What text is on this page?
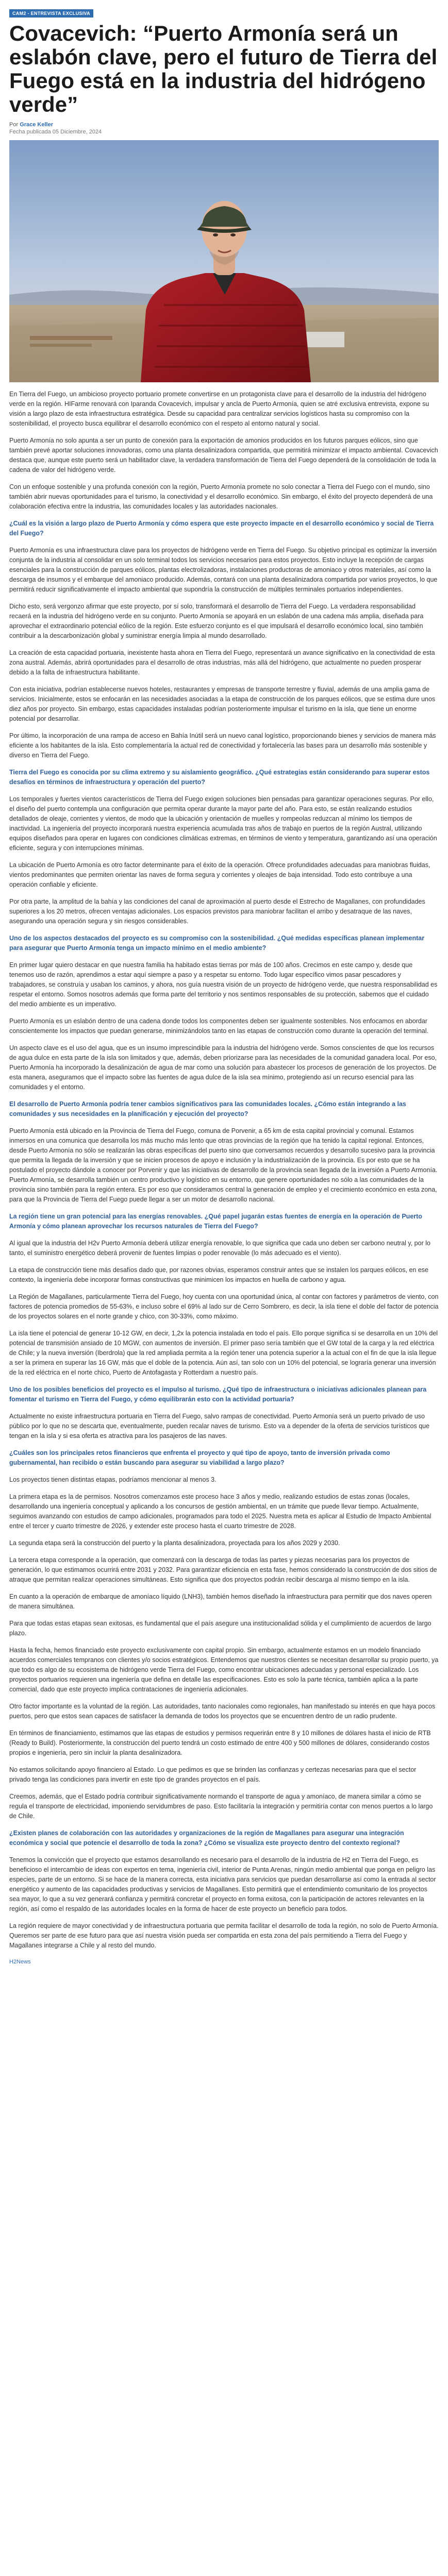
CAM2 - ENTREVISTA EXCLUSIVA
Covacevich: “Puerto Armonía será un eslabón clave, pero el futuro de Tierra del Fuego está en la industria del hidrógeno verde”
Por Grace Keller
Fecha publicada 05 Diciembre, 2024

En Tierra del Fuego, un ambicioso proyecto portuario promete convertirse en un protagonista clave para el desarrollo de la industria del hidrógeno verde en la región. HIFarme renovará con Iparanda Covacevich, impulsar y ancla de Puerto Armonía, quien se atré exclusiva entrevista, expone su visión a largo plazo de esta infraestructura estratégica. Desde su capacidad para centralizar servicios logísticos hasta su compromiso con la sostenibilidad, el proyecto busca equilibrar el desarrollo económico con el respeto al entorno natural y social.

Puerto Armonía no solo apunta a ser un punto de conexión para la exportación de amonios producidos en los futuros parques eólicos, sino que también prevé aportar soluciones innovadoras, como una planta desalinizadora compartida, que permitirá minimizar el impacto ambiental. Covacevich destaca que, aunque este puerto será un habilitador clave, la verdadera transformación de Tierra del Fuego dependerá de la consolidación de toda la cadena de valor del hidrógeno verde.

Con un enfoque sostenible y una profunda conexión con la región, Puerto Armonía promete no solo conectar a Tierra del Fuego con el mundo, sino también abrir nuevas oportunidades para el turismo, la conectividad y el desarrollo económico. Sin embargo, el éxito del proyecto dependerá de una colaboración efectiva entre la industria, las comunidades locales y las autoridades nacionales.

¿Cuál es la visión a largo plazo de Puerto Armonía y cómo espera que este proyecto impacte en el desarrollo económico y social de Tierra del Fuego?

Puerto Armonía es una infraestructura clave para los proyectos de hidrógeno verde en Tierra del Fuego. Su objetivo principal es optimizar la inversión conjunta de la industria al consolidar en un solo terminal todos los servicios necesarios para estos proyectos. Esto incluye la recepción de cargas esenciales para la construcción de parques eólicos, plantas electrolizadoras, instalaciones productoras de amoniaco y otros materiales, así como la descarga de insumos y el embarque del amoniaco producido. Además, contará con una planta desalinizadora compartida por varios proyectos, lo que permitirá reducir significativamente el impacto ambiental que supondría la construcción de múltiples terminales portuarios independientes.

Dicho esto, será vergonzo afirmar que este proyecto, por sí solo, transformará el desarrollo de Tierra del Fuego. La verdadera responsabilidad recaerá en la industria del hidrógeno verde en su conjunto. Puerto Armonía se apoyará en un eslabón de una cadena más amplia, diseñada para aprovechar el extraordinario potencial eólico de la región. Este esfuerzo conjunto es el que impulsará el desarrollo económico local, sino también contribuir a la descarbonización global y suministrar energía limpia al mundo desarrollado.

La creación de esta capacidad portuaria, inexistente hasta ahora en Tierra del Fuego, representará un avance significativo en la conectividad de esta zona austral. Además, abrirá oportunidades para el desarrollo de otras industrias, más allá del hidrógeno, que actualmente no pueden prosperar debido a la falta de infraestructura habilitante.

Con esta iniciativa, podrían establecerse nuevos hoteles, restaurantes y empresas de transporte terrestre y fluvial, además de una amplia gama de servicios. Inicialmente, estos se enfocarán en las necesidades asociadas a la etapa de construcción de los parques eólicos, que se estima dure unos diez años por proyecto. Sin embargo, estas capacidades instaladas podrían posteriormente impulsar el turismo en la isla, que tiene un enorme potencial por desarrollar.

Por último, la incorporación de una rampa de acceso en Bahía Inútil será un nuevo canal logístico, proporcionando bienes y servicios de manera más eficiente a los habitantes de la isla. Esto complementaría la actual red de conectividad y fortalecería las bases para un desarrollo más sostenible y diverso en Tierra del Fuego.

Tierra del Fuego es conocida por su clima extremo y su aislamiento geográfico. ¿Qué estrategias están considerando para superar estos desafíos en términos de infraestructura y operación del puerto?

Los temporales y fuertes vientos característicos de Tierra del Fuego exigen soluciones bien pensadas para garantizar operaciones seguras. Por ello, el diseño del puerto contempla una configuración que permita operar durante la mayor parte del año. Para esto, se están realizando estudios detallados de oleaje, corrientes y vientos, de modo que la ubicación y orientación de muelles y rompeolas reduzcan al mínimo los tiempos de inactividad. La ingeniería del proyecto incorporará nuestra experiencia acumulada tras años de trabajo en puertos de la región Austral, utilizando equipos diseñados para operar en lugares con condiciones climáticas extremas, en términos de viento y temperatura, garantizando así una operación eficiente, segura y con interrupciones mínimas.

La ubicación de Puerto Armonía es otro factor determinante para el éxito de la operación. Ofrece profundidades adecuadas para maniobras fluidas, vientos predominantes que permiten orientar las naves de forma segura y corrientes y oleajes de baja intensidad. Todo esto contribuye a una operación confiable y eficiente.

Por otra parte, la amplitud de la bahía y las condiciones del canal de aproximación al puerto desde el Estrecho de Magallanes, con profundidades superiores a los 20 metros, ofrecen ventajas adicionales. Los espacios previstos para maniobrar facilitan el arribo y desatraque de las naves, asegurando una operación segura y sin riesgos considerables.

Uno de los aspectos destacados del proyecto es su compromiso con la sostenibilidad. ¿Qué medidas específicas planean implementar para asegurar que Puerto Armonía tenga un impacto mínimo en el medio ambiente?

En primer lugar quiero destacar en que nuestra familia ha habitado estas tierras por más de 100 años. Crecimos en este campo y, desde que tenemos uso de razón, aprendimos a estar aquí siempre a paso y a respetar su entorno. Todo lugar específico vimos pasar pescadores y trabajadores, se construía y usaban los caminos, y ahora, nos guía nuestra visión de un proyecto de hidrógeno verde, que nuestra responsabilidad es respetar el entorno. Somos nosotros además que forma parte del territorio y nos sentimos responsables de su protección, sabemos que el cuidado del medio ambiente es un imperativo.

Puerto Armonía es un eslabón dentro de una cadena donde todos los componentes deben ser igualmente sostenibles. Nos enfocamos en abordar conscientemente los impactos que puedan generarse, minimizándolos tanto en las etapas de construcción como durante la operación del terminal.

Un aspecto clave es el uso del agua, que es un insumo imprescindible para la industria del hidrógeno verde. Somos conscientes de que los recursos de agua dulce en esta parte de la isla son limitados y que, además, deben priorizarse para las necesidades de la comunidad ganadera local. Por eso, Puerto Armonía ha incorporado la desalinización de agua de mar como una solución para abastecer los procesos de generación de los proyectos. De esta manera, aseguramos que el impacto sobre las fuentes de agua dulce de la isla sea mínimo, protegiendo así un recurso esencial para las comunidades y el entorno.

El desarrollo de Puerto Armonía podría tener cambios significativos para las comunidades locales. ¿Cómo están integrando a las comunidades y sus necesidades en la planificación y ejecución del proyecto?

Puerto Armonía está ubicado en la Provincia de Tierra del Fuego, comuna de Porvenir, a 65 km de esta capital provincial y comunal. Estamos inmersos en una comunica que desarrolla los más mucho más lento que otras provincias de la región que ha tenido la capital regional. Entonces, desde Puerto Armonía no sólo se realizarán las obras específicas del puerto sino que conversamos recuerdos y desarrollo sucesivo para la provincia que permita la llegada de la inversión y que se inicien procesos de apoyo e inclusión y la industrialización de la provincia. Es por esto que se ha postulado el proyecto dándole a conocer por Porvenir y que las iniciativas de desarrollo de la provincia sean llegada de la inversión a Puerto Armonía. Puerto Armonía, se desarrolla también un centro productivo y logístico en su entorno, que genere oportunidades no sólo a las comunidades de la provincia sino también para la región entera. Es por eso que consideramos central la generación de empleo y el crecimiento económico en esta zona, para que la Provincia de Tierra del Fuego puede llegar a ser un motor de desarrollo nacional.

La región tiene un gran potencial para las energías renovables. ¿Qué papel jugarán estas fuentes de energía en la operación de Puerto Armonía y cómo planean aprovechar los recursos naturales de Tierra del Fuego?

Al igual que la industria del H2v Puerto Armonía deberá utilizar energía renovable, lo que significa que cada uno deben ser carbono neutral y, por lo tanto, el suministro energético deberá provenir de fuentes limpias o poder renovable (lo más adecuado es el viento).

La etapa de construcción tiene más desafíos dado que, por razones obvias, esperamos construir antes que se instalen los parques eólicos, en ese contexto, la ingeniería debe incorporar formas constructivas que minimicen los impactos en huella de carbono y agua.

La Región de Magallanes, particularmente Tierra del Fuego, hoy cuenta con una oportunidad única, al contar con factores y parámetros de viento, con factores de potencia promedios de 55-63%, e incluso sobre el 69% al lado sur de Cerro Sombrero, es decir, la isla tiene el doble del factor de potencia de los proyectos solares en el norte grande y chico, con 30-33%, como máximo.

La isla tiene el potencial de generar 10-12 GW, en decir, 1,2x la potencia instalada en todo el país. Ello porque significa si se desarrolla en un 10% del potencial de transmisión ansiado de 10 MGW, con aumentos de inversión. El primer paso sería también que el GW total de la carga y la red eléctrica de Chile; y la nueva inversión (Iberdrola) que la red ampliada permita a la región tener una potencia superior a la actual con el fin de que la isla llegue a ser la primera en superar las 16 GW, más que el doble de la potencia. Aún así, tan solo con un 10% del potencial, se lograría generar una inversión de la red eléctrica en el norte chico, Puerto de Antofagasta y Rotterdam a nuestro país.

Uno de los posibles beneficios del proyecto es el impulso al turismo. ¿Qué tipo de infraestructura o iniciativas adicionales planean para fomentar el turismo en Tierra del Fuego, y cómo equilibrarán esto con la actividad portuaria?

Actualmente no existe infraestructura portuaria en Tierra del Fuego, salvo rampas de conectividad. Puerto Armonía será un puerto privado de uso público por lo que no se descarta que, eventualmente, pueden recalar naves de turismo. Esto va a depender de la oferta de servicios turísticos que tengan en la isla y si esa oferta es atractiva para los pasajeros de las naves.

¿Cuáles son los principales retos financieros que enfrenta el proyecto y qué tipo de apoyo, tanto de inversión privada como gubernamental, han recibido o están buscando para asegurar su viabilidad a largo plazo?

Los proyectos tienen distintas etapas, podríamos mencionar al menos 3.

La primera etapa es la de permisos. Nosotros comenzamos este proceso hace 3 años y medio, realizando estudios de estas zonas (locales, desarrollando una ingeniería conceptual y aplicando a los concursos de gestión ambiental, en un trámite que puede llevar tiempo. Actualmente, seguimos avanzando con estudios de campo adicionales, programados para todo el 2025. Nuestra meta es aplicar al Estudio de Impacto Ambiental entre el tercer y cuarto trimestre de 2026, y extender este proceso hasta el cuarto trimestre de 2028.

La segunda etapa será la construcción del puerto y la planta desalinizadora, proyectada para los años 2029 y 2030.

La tercera etapa corresponde a la operación, que comenzará con la descarga de todas las partes y piezas necesarias para los proyectos de generación, lo que estimamos ocurrirá entre 2031 y 2032. Para garantizar eficiencia en esta fase, hemos considerado la construcción de dos sitios de atraque que permitan realizar operaciones simultáneas. Esto significa que dos proyectos podrán recibir descarga al mismo tiempo en la isla.

En cuanto a la operación de embarque de amoníaco líquido (LNH3), también hemos diseñado la infraestructura para permitir que dos naves operen de manera simultánea.

Para que todas estas etapas sean exitosas, es fundamental que el país asegure una institucionalidad sólida y el cumplimiento de acuerdos de largo plazo.

Hasta la fecha, hemos financiado este proyecto exclusivamente con capital propio. Sin embargo, actualmente estamos en un modelo financiado acuerdos comerciales tempranos con clientes y/o socios estratégicos. Entendemos que nuestros clientes se necesitan desarrollar su propio puerto, ya que todo es algo de su ecosistema de hidrógeno verde Tierra del Fuego, como encontrar ubicaciones adecuadas y personal especializado. Los proyectos portuarios requieren una ingeniería que defina en detalle las especificaciones. Esto es solo la parte técnica, también aplica a la parte comercial, dado que este proyecto implica contrataciones de ingeniería adicionales.

Otro factor importante es la voluntad de la región. Las autoridades, tanto nacionales como regionales, han manifestado su interés en que haya pocos puertos, pero que estos sean capaces de satisfacer la demanda de todos los proyectos que se encuentren dentro de un radio prudente.

En términos de financiamiento, estimamos que las etapas de estudios y permisos requerirán entre 8 y 10 millones de dólares hasta el inicio de RTB (Ready to Build). Posteriormente, la construcción del puerto tendrá un costo estimado de entre 400 y 500 millones de dólares, considerando costos propios e ingeniería, pero sin incluir la planta desalinizadora.

No estamos solicitando apoyo financiero al Estado. Lo que pedimos es que se brinden las confianzas y certezas necesarias para que el sector privado tenga las condiciones para invertir en este tipo de grandes proyectos en el país.

Creemos, además, que el Estado podría contribuir significativamente normando el transporte de agua y amoníaco, de manera similar a cómo se regula el transporte de electricidad, imponiendo servidumbres de paso. Esto facilitaría la integración y permitiría contar con menos puertos a lo largo de Chile.

¿Existen planes de colaboración con las autoridades y organizaciones de la región de Magallanes para asegurar una integración económica y social que potencie el desarrollo de toda la zona? ¿Cómo se visualiza este proyecto dentro del contexto regional?

Tenemos la convicción que el proyecto que estamos desarrollando es necesario para el desarrollo de la industria de H2 en Tierra del Fuego, es beneficioso el intercambio de ideas con expertos en tema, ingeniería civil, interior de Punta Arenas, ningún medio ambiental que ponga en peligro las especies, parte de un entorno. Si se hace de la manera correcta, esta iniciativa para servicios que puedan desarrollarse así como la entrada al sector energético y aumento de las capacidades productivas y servicios de Magallanes. Esto permitirá que el entendimiento comunitario de los proyectos sea mayor, lo que a su vez generará confianza y permitirá concretar el proyecto en forma exitosa, con la participación de actores relevantes en la región, así como el respaldo de las autoridades locales en la forma de hacer de este proyecto un beneficio para todos.

La región requiere de mayor conectividad y de infraestructura portuaria que permita facilitar el desarrollo de toda la región, no solo de Puerto Armonía. Queremos ser parte de ese futuro para que así nuestra visión pueda ser compartida en esta zona del país permitiendo a Tierra del Fuego y Magallanes integrarse a Chile y al resto del mundo.

H2News
